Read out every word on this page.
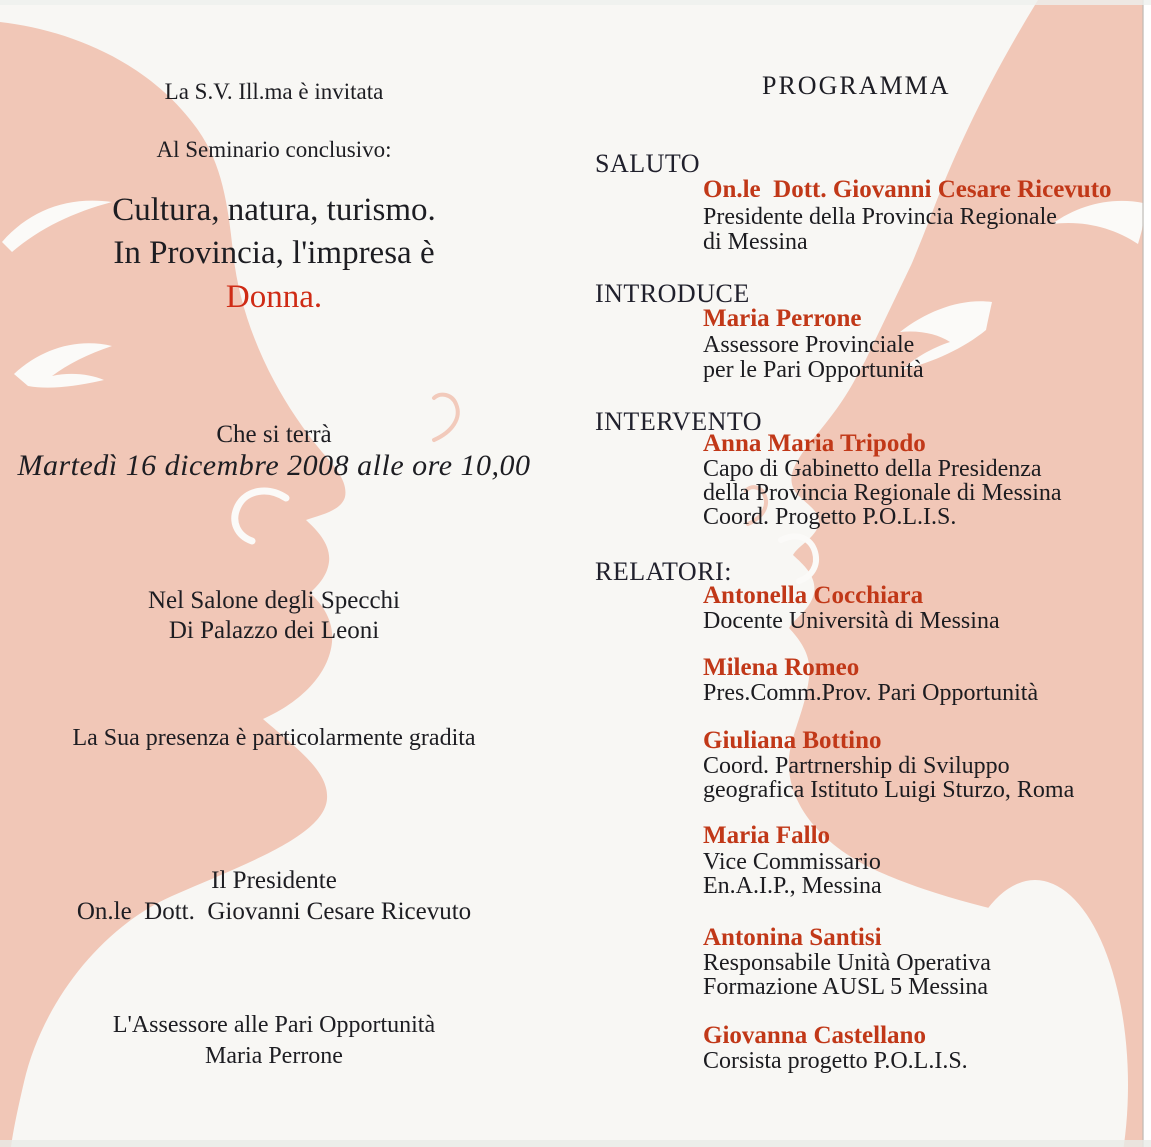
La S.V. Ill.ma è invitata
Al Seminario conclusivo:
Cultura, natura, turismo.
In Provincia, l'impresa è
Donna.
Che si terrà
Martedì 16 dicembre 2008 alle ore 10,00
Nel Salone degli Specchi
Di Palazzo dei Leoni
La Sua presenza è particolarmente gradita
Il Presidente
On.le  Dott.  Giovanni Cesare Ricevuto
L'Assessore alle Pari Opportunità
Maria Perrone
PROGRAMMA
SALUTO
On.le  Dott. Giovanni Cesare Ricevuto
Presidente della Provincia Regionale
di Messina
INTRODUCE
Maria Perrone
Assessore Provinciale
per le Pari Opportunità
INTERVENTO
Anna Maria Tripodo
Capo di Gabinetto della Presidenza
della Provincia Regionale di Messina
Coord. Progetto P.O.L.I.S.
RELATORI:
Antonella Cocchiara
Docente Università di Messina
Milena Romeo
Pres.Comm.Prov. Pari Opportunità
Giuliana Bottino
Coord. Partrnership di Sviluppo
geografica Istituto Luigi Sturzo, Roma
Maria Fallo
Vice Commissario
En.A.I.P., Messina
Antonina Santisi
Responsabile Unità Operativa
Formazione AUSL 5 Messina
Giovanna Castellano
Corsista progetto P.O.L.I.S.
